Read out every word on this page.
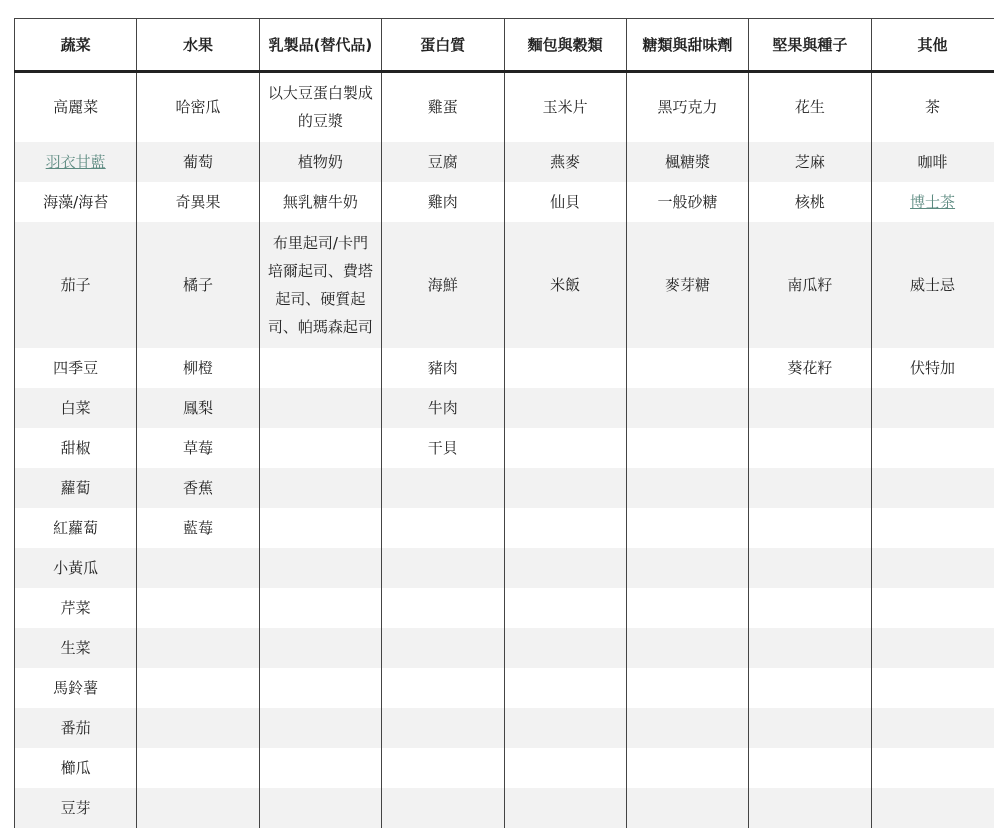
蔬菜	水果	乳製品(替代品)	蛋白質	麵包與穀類	糖類與甜味劑	堅果與種子	其他
高麗菜	哈密瓜	以大豆蛋白製成的豆漿	雞蛋	玉米片	黑巧克力	花生	茶
羽衣甘藍	葡萄	植物奶	豆腐	燕麥	楓糖漿	芝麻	咖啡
海藻/海苔	奇異果	無乳糖牛奶	雞肉	仙貝	一般砂糖	核桃	博士茶
茄子	橘子	布里起司/卡門培爾起司、費塔起司、硬質起司、帕瑪森起司	海鮮	米飯	麥芽糖	南瓜籽	威士忌
四季豆	柳橙		豬肉			葵花籽	伏特加
白菜	鳳梨		牛肉				
甜椒	草莓		干貝				
蘿蔔	香蕉						
紅蘿蔔	藍莓						
小黃瓜							
芹菜							
生菜							
馬鈴薯							
番茄							
櫛瓜							
豆芽							
